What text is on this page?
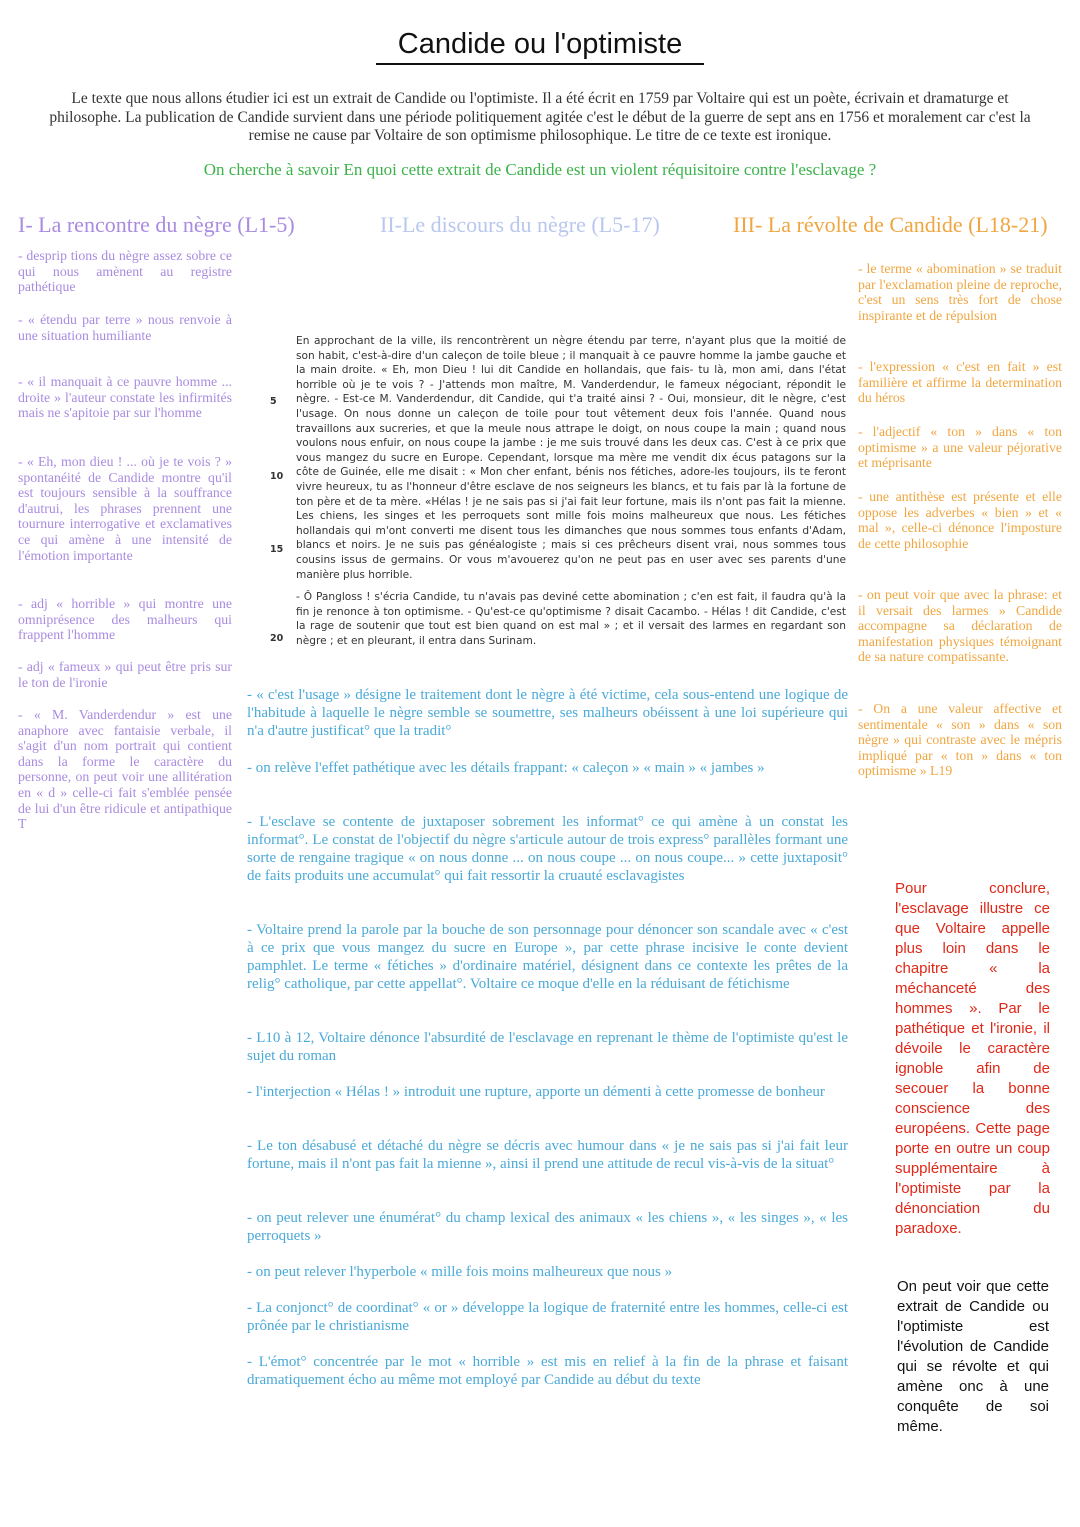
Candide ou l'optimiste
Le texte que nous allons étudier ici est un extrait de Candide ou l'optimiste. Il a été écrit en 1759 par Voltaire qui est un poète, écrivain et dramaturge et philosophe. La publication de Candide survient dans une période politiquement agitée c'est le début de la guerre de sept ans en 1756 et moralement car c'est la remise ne cause par Voltaire de son optimisme philosophique. Le titre de ce texte est ironique.
On cherche à savoir En quoi cette extrait de Candide est un violent réquisitoire contre l'esclavage ?
I- La rencontre du nègre (L1-5)	II-Le discours du nègre (L5-17)	III- La révolte de Candide (L18-21)
- desprip tions du nègre assez sobre ce qui nous amènent au registre pathétique
- « étendu par terre » nous renvoie à une situation humiliante
- « il manquait à ce pauvre homme ... droite » l'auteur constate les infirmités mais ne s'apitoie par sur l'homme
- « Eh, mon dieu ! ... où je te vois ? » spontanéité de Candide montre qu'il est toujours sensible à la souffrance d'autrui, les phrases prennent une tournure interrogative et exclamatives ce qui amène à une intensité de l'émotion importante
- adj « horrible » qui montre une omniprésence des malheurs qui frappent l'homme
- adj « fameux » qui peut être pris sur le ton de l'ironie
- « M. Vanderdendur » est une anaphore avec fantaisie verbale, il s'agit d'un nom portrait qui contient dans la forme le caractère du personne, on peut voir une allitération en « d » celle-ci fait s'emblée pensée de lui d'un être ridicule et antipathique T
- le terme « abomination » se traduit par l'exclamation pleine de reproche, c'est un sens très fort de chose inspirante et de répulsion
- l'expression « c'est en fait » est familière et affirme la determination du héros
- l'adjectif « ton » dans « ton optimisme » a une valeur péjorative et méprisante
- une antithèse est présente et elle oppose les adverbes « bien » et « mal », celle-ci dénonce l'imposture de cette philosophie
- on peut voir que avec la phrase: et il versait des larmes » Candide accompagne sa déclaration de manifestation physiques témoignant de sa nature compatissante.
- On a une valeur affective et sentimentale « son » dans « son nègre » qui contraste avec le mépris impliqué par « ton » dans « ton optimisme » L19
5
10
15
20

En approchant de la ville, ils rencontrèrent un nègre étendu par terre, n'ayant plus que la moitié de son habit, c'est-à-dire d'un caleçon de toile bleue ; il manquait à ce pauvre homme la jambe gauche et la main droite. « Eh, mon Dieu ! lui dit Candide en hollandais, que fais- tu là, mon ami, dans l'état horrible où je te vois ? - J'attends mon maître, M. Vanderdendur, le fameux négociant, répondit le nègre. - Est-ce M. Vanderdendur, dit Candide, qui t'a traité ainsi ? - Oui, monsieur, dit le nègre, c'est l'usage. On nous donne un caleçon de toile pour tout vêtement deux fois l'année. Quand nous travaillons aux sucreries, et que la meule nous attrape le doigt, on nous coupe la main ; quand nous voulons nous enfuir, on nous coupe la jambe : je me suis trouvé dans les deux cas. C'est à ce prix que vous mangez du sucre en Europe. Cependant, lorsque ma mère me vendit dix écus patagons sur la côte de Guinée, elle me disait : « Mon cher enfant, bénis nos fétiches, adore-les toujours, ils te feront vivre heureux, tu as l'honneur d'être esclave de nos seigneurs les blancs, et tu fais par là la fortune de ton père et de ta mère. «Hélas ! je ne sais pas si j'ai fait leur fortune, mais ils n'ont pas fait la mienne. Les chiens, les singes et les perroquets sont mille fois moins malheureux que nous. Les fétiches hollandais qui m'ont converti me disent tous les dimanches que nous sommes tous enfants d'Adam, blancs et noirs. Je ne suis pas généalogiste ; mais si ces prêcheurs disent vrai, nous sommes tous cousins issus de germains. Or vous m'avouerez qu'on ne peut pas en user avec ses parents d'une manière plus horrible.

- Ô Pangloss ! s'écria Candide, tu n'avais pas deviné cette abomination ; c'en est fait, il faudra qu'à la fin je renonce à ton optimisme. - Qu'est-ce qu'optimisme ? disait Cacambo. - Hélas ! dit Candide, c'est la rage de soutenir que tout est bien quand on est mal » ; et il versait des larmes en regardant son nègre ; et en pleurant, il entra dans Surinam.

- « c'est l'usage » désigne le traitement dont le nègre à été victime, cela sous-entend une logique de l'habitude à laquelle le nègre semble se soumettre, ses malheurs obéissent à une loi supérieure qui n'a d'autre justificat° que la tradit°
- on relève l'effet pathétique avec les détails frappant: « caleçon » « main » « jambes »
- L'esclave se contente de juxtaposer sobrement les informat° ce qui amène à un constat les informat°. Le constat de l'objectif du nègre s'articule autour de trois express° parallèles formant une sorte de rengaine tragique « on nous donne ... on nous coupe ... on nous coupe... » cette juxtaposit° de faits produits une accumulat° qui fait ressortir la cruauté esclavagistes
- Voltaire prend la parole par la bouche de son personnage pour dénoncer son scandale avec « c'est à ce prix que vous mangez du sucre en Europe », par cette phrase incisive le conte devient pamphlet. Le terme « fétiches » d'ordinaire matériel, désignent dans ce contexte les prêtes de la relig° catholique, par cette appellat°. Voltaire ce moque d'elle en la réduisant de fétichisme
- L10 à 12, Voltaire dénonce l'absurdité de l'esclavage en reprenant le thème de l'optimiste qu'est le sujet du roman
- l'interjection « Hélas ! » introduit une rupture, apporte un démenti à cette promesse de bonheur
- Le ton désabusé et détaché du nègre se décris avec humour dans « je ne sais pas si j'ai fait leur fortune, mais il n'ont pas fait la mienne », ainsi il prend une attitude de recul vis-à-vis de la situat°
- on peut relever une énumérat° du champ lexical des animaux « les chiens », « les singes », « les perroquets »
- on peut relever l'hyperbole « mille fois moins malheureux que nous »
- La conjonct° de coordinat° « or » développe la logique de fraternité entre les hommes, celle-ci est prônée par le christianisme
- L'émot° concentrée par le mot « horrible » est mis en relief à la fin de la phrase et faisant dramatiquement écho au même mot employé par Candide au début du texte
Pour conclure, l'esclavage illustre ce que Voltaire appelle plus loin dans le chapitre « la méchanceté des hommes ». Par le pathétique et l'ironie, il dévoile le caractère ignoble afin de secouer la bonne conscience des européens. Cette page porte en outre un coup supplémentaire à l'optimiste par la dénonciation du paradoxe.
On peut voir que cette extrait de Candide ou l'optimiste est l'évolution de Candide qui se révolte et qui amène onc à une conquête de soi même.
